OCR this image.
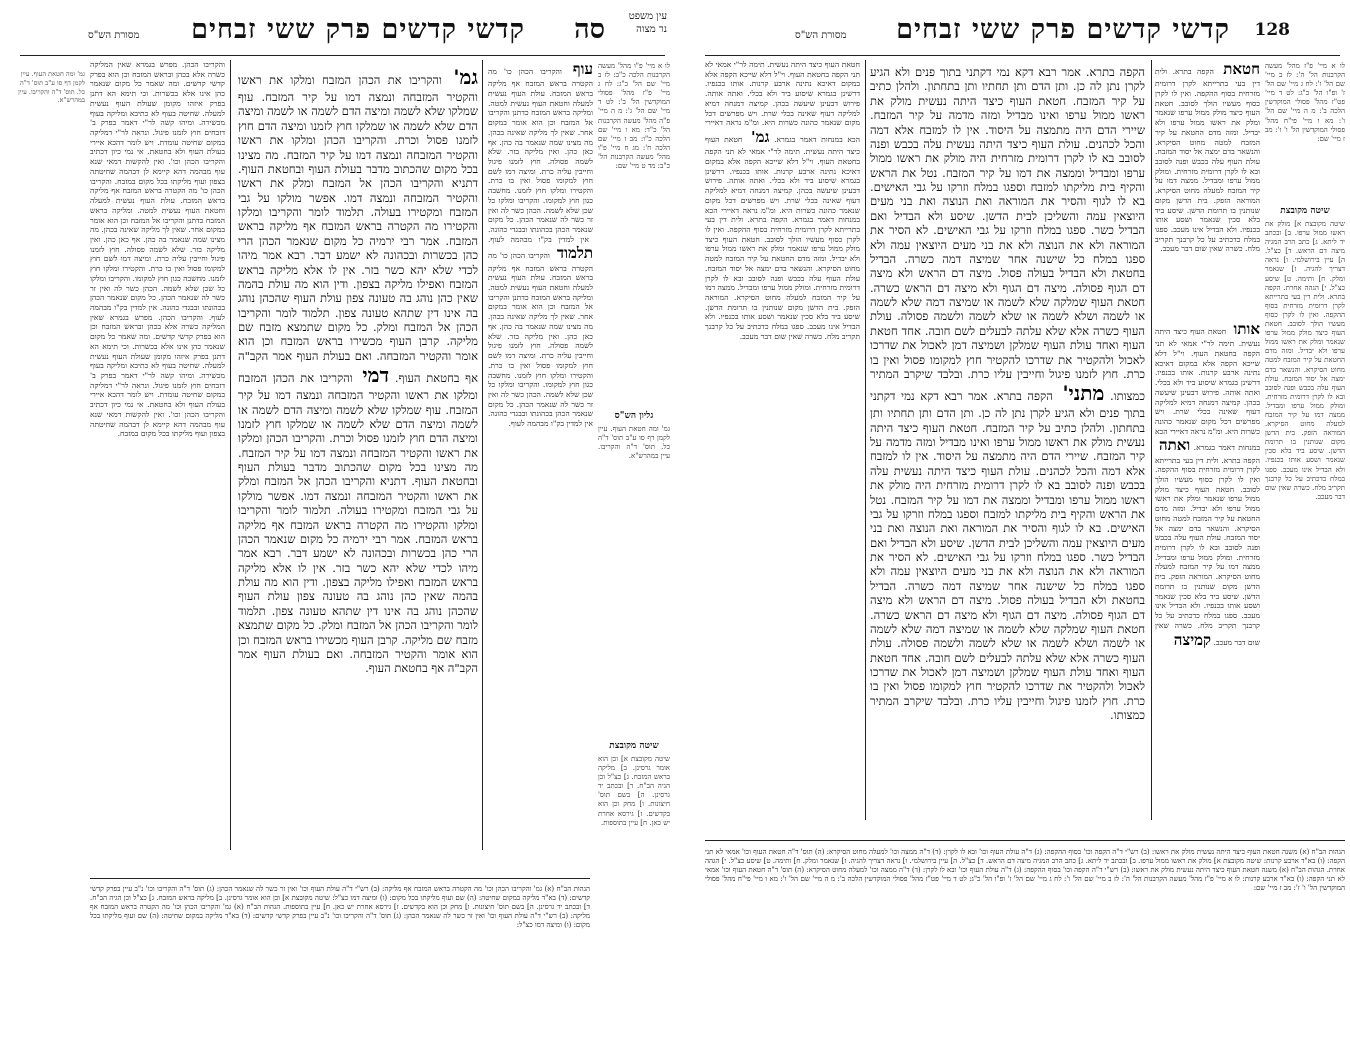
עין משפט
נר מצוה
סה
קדשי קדשים פרק ששי זבחים
מסורת הש"ס
גמ' ומה חטאת העוף. עיין לקמן דף סו ע"ב תוס' ד"ה כל. תוס' ד"ה והקריבו. עיין במהרש"א.
והקריבו הכהן. מפרש בגמרא שאין המליקה כשרה אלא בכהן ובראש המזבח וכן הוא בפרק קדשי קדשים. ומה שאמר כל מקום שנאמר כהן אינו אלא בכשרות. וכי תימא הא דתנן בפרק איזהו מקומן שעולת העוף נעשית למעלה. שחיטה בעוף לא כתיבא ומליקה בעוף מכשירה. ומיהו קשה לר"י דאמר בפרק ב' דזבחים חוץ לזמנו פיגול. ונראה לר"י דמליקה במקום שחיטה עומדת. ויש לומר דהכא איירי בעולת העוף ולא בחטאת. אי נמי כיון דכתיב והקריבו הכהן וכו'. ואין להקשות דמאי שנא עוף מבהמה דהא קיימא לן דבהמה שחיטתה בצפון ועוף מליקתו בכל מקום במזבח. והקריבו הכהן כו' מה הקטרה בראש המזבח אף מליקה בראש המזבח. עולת העוף נעשית למעלה וחטאת העוף נעשית למטה. ומליקה בראש המזבח כדתנן והקריבו אל המזבח וכן הוא אומר במקום אחר. שאין לך מליקה שאינה בכהן. מה מצינו שמה שנאמר בה כהן. אף כאן כהן. ואין מליקה בזר. שלא לשמה פסולה. חוץ לזמנו פיגול וחייבין עליה כרת. ומיצה דמו לשם חוץ למקומו פסול ואין בו כרת. והקטירו ומלקו חוץ לזמנו. מחשבה כגון חוץ למקומו. והקריבו ומלקו כל שכן שלא לשמה. הכהן כשר לה ואין זר כשר לה שנאמר הכהן. כל מקום שנאמר הכהן בכהונתו ובבגדי כהונה. אין למדין בק"ו מבהמה לעוף. והקריבו הכהן. מפרש בגמרא שאין המליקה כשרה אלא בכהן ובראש המזבח וכן הוא בפרק קדשי קדשים. ומה שאמר כל מקום שנאמר כהן אינו אלא בכשרות. וכי תימא הא דתנן בפרק איזהו מקומן שעולת העוף נעשית למעלה. שחיטה בעוף לא כתיבא ומליקה בעוף מכשירה. ומיהו קשה לר"י דאמר בפרק ב' דזבחים חוץ לזמנו פיגול. ונראה לר"י דמליקה במקום שחיטה עומדת. ויש לומר דהכא איירי בעולת העוף ולא בחטאת. אי נמי כיון דכתיב והקריבו הכהן וכו'. ואין להקשות דמאי שנא עוף מבהמה דהא קיימא לן דבהמה שחיטתה בצפון ועוף מליקתו בכל מקום במזבח.
גמ' והקריבו את הכהן המזבח ומלקו את ראשו והקטיר המזבחה ונמצה דמו על קיר המזבח. עוף שמלקו שלא לשמה ומיצה הדם לשמה או לשמה ומיצה הדם שלא לשמה או שמלקו חוץ לזמנו ומיצה הדם חוץ לזמנו פסול וכרת. והקריבו הכהן ומלקו את ראשו והקטיר המזבחה ונמצה דמו על קיר המזבח. מה מצינו בכל מקום שהכתוב מדבר בעולת העוף ובחטאת העוף. דתניא והקריבו הכהן אל המזבח ומלק את ראשו והקטיר המזבחה ונמצה דמו. אפשר מולקו על גבי המזבח ומקטירו בעולה. תלמוד לומר והקריבו ומלקו והקטירו מה הקטרה בראש המזבח אף מליקה בראש המזבח. אמר רבי ירמיה כל מקום שנאמר הכהן הרי כהן בכשרות ובכהונה לא ישמע דבר. רבא אמר מיהו לכדי שלא יהא כשר בזר. אין לו אלא מליקה בראש המזבח ואפילו מליקה בצפון. ודין הוא מה עולת בהמה שאין כהן נוהג בה טעונה צפון עולת העוף שהכהן נוהג בה אינו דין שתהא טעונה צפון. תלמוד לומר והקריבו הכהן אל המזבח ומלק. כל מקום שתמצא מזבח שם מליקה. קרבן העוף מכשירו בראש המזבח וכן הוא אומר והקטיר המזבחה. ואם בעולת העוף אמר הקב"ה אף בחטאת העוף. דמי והקריבו את הכהן המזבח ומלקו את ראשו והקטיר המזבחה ונמצה דמו על קיר המזבח. עוף שמלקו שלא לשמה ומיצה הדם לשמה או לשמה ומיצה הדם שלא לשמה או שמלקו חוץ לזמנו ומיצה הדם חוץ לזמנו פסול וכרת. והקריבו הכהן ומלקו את ראשו והקטיר המזבחה ונמצה דמו על קיר המזבח. מה מצינו בכל מקום שהכתוב מדבר בעולת העוף ובחטאת העוף. דתניא והקריבו הכהן אל המזבח ומלק את ראשו והקטיר המזבחה ונמצה דמו. אפשר מולקו על גבי המזבח ומקטירו בעולה. תלמוד לומר והקריבו ומלקו והקטירו מה הקטרה בראש המזבח אף מליקה בראש המזבח. אמר רבי ירמיה כל מקום שנאמר הכהן הרי כהן בכשרות ובכהונה לא ישמע דבר. רבא אמר מיהו לכדי שלא יהא כשר בזר. אין לו אלא מליקה בראש המזבח ואפילו מליקה בצפון. ודין הוא מה עולת בהמה שאין כהן נוהג בה טעונה צפון עולת העוף שהכהן נוהג בה אינו דין שתהא טעונה צפון. תלמוד לומר והקריבו הכהן אל המזבח ומלק. כל מקום שתמצא מזבח שם מליקה. קרבן העוף מכשירו בראש המזבח וכן הוא אומר והקטיר המזבחה. ואם בעולת העוף אמר הקב"ה אף בחטאת העוף.
עוף והקריבו הכהן כו' מה הקטרה בראש המזבח אף מליקה בראש המזבח. עולת העוף נעשית למעלה וחטאת העוף נעשית למטה. ומליקה בראש המזבח כדתנן והקריבו אל המזבח וכן הוא אומר במקום אחר. שאין לך מליקה שאינה בכהן. מה מצינו שמה שנאמר בה כהן. אף כאן כהן. ואין מליקה בזר. שלא לשמה פסולה. חוץ לזמנו פיגול וחייבין עליה כרת. ומיצה דמו לשם חוץ למקומו פסול ואין בו כרת. והקטירו ומלקו חוץ לזמנו. מחשבה כגון חוץ למקומו. והקריבו ומלקו כל שכן שלא לשמה. הכהן כשר לה ואין זר כשר לה שנאמר הכהן. כל מקום שנאמר הכהן בכהונתו ובבגדי כהונה. אין למדין בק"ו מבהמה לעוף. תלמוד והקריבו הכהן כו' מה הקטרה בראש המזבח אף מליקה בראש המזבח. עולת העוף נעשית למעלה וחטאת העוף נעשית למטה. ומליקה בראש המזבח כדתנן והקריבו אל המזבח וכן הוא אומר במקום אחר. שאין לך מליקה שאינה בכהן. מה מצינו שמה שנאמר בה כהן. אף כאן כהן. ואין מליקה בזר. שלא לשמה פסולה. חוץ לזמנו פיגול וחייבין עליה כרת. ומיצה דמו לשם חוץ למקומו פסול ואין בו כרת. והקטירו ומלקו חוץ לזמנו. מחשבה כגון חוץ למקומו. והקריבו ומלקו כל שכן שלא לשמה. הכהן כשר לה ואין זר כשר לה שנאמר הכהן. כל מקום שנאמר הכהן בכהונתו ובבגדי כהונה. אין למדין בק"ו מבהמה לעוף.
לו א מיי' פ"ו מהל' מעשה הקרבנות הלכה כ"ב: לז ב מיי' שם הל' כ"ג: לח ג מיי' פ"ז מהל' פסולי המוקדשין הל' ב': לט ד מיי' שם הל' ג': מ ה מיי' פ"ה מהל' מעשה הקרבנות הל' כ"ד: מא ו מיי' שם הלכה כ"ו: מב ז מיי' שם הלכה ח': מג ח מיי' פ"ו מהל' מעשה הקרבנות הל' כ"ב: מד ט מיי' שם:
גליון הש"ס
גמ' ומה חטאת העוף. עיין לקמן דף סו ע"ב תוס' ד"ה כל. תוס' ד"ה והקריבו. עיין במהרש"א.
שיטה מקובצת
שיטה מקובצת א] וכן הוא אומר גרסינן. ב] מליקה בראש המזבח. ג] כצ"ל וכן הגיה הב"ח. ד] ובכתב יד גרסינן. ה] בשם תוס' חיצונות. ו] מחק וכן הוא בקדשים. ז] גירסא אחרת יש כאן. ח] עיין בתוספות.
הגהות הב"ח (א) גמ' והקריבו הכהן וכו' מה הקטרה בראש המזבח אף מליקה: (ב) רש"י ד"ה עולת העוף וכו' ואין זר כשר לה שנאמר הכהן: (ג) תוס' ד"ה והקריבו וכו' נ"ב עיין בפרק קדשי קדשים: (ד) בא"ד מליקה במקום שחיטה: (ה) שם ועוף מליקתו בכל מקום: (ו) ומיצה דמו כצ"ל: שיטה מקובצת א] וכן הוא אומר גרסינן. ב] מליקה בראש המזבח. ג] כצ"ל וכן הגיה הב"ח. ד] ובכתב יד גרסינן. ה] בשם תוס' חיצונות. ו] מחק וכן הוא בקדשים. ז] גירסא אחרת יש כאן. ח] עיין בתוספות. הגהות הב"ח (א) גמ' והקריבו הכהן וכו' מה הקטרה בראש המזבח אף מליקה: (ב) רש"י ד"ה עולת העוף וכו' ואין זר כשר לה שנאמר הכהן: (ג) תוס' ד"ה והקריבו וכו' נ"ב עיין בפרק קדשי קדשים: (ד) בא"ד מליקה במקום שחיטה: (ה) שם ועוף מליקתו בכל מקום: (ו) ומיצה דמו כצ"ל:
128
קדשי קדשים פרק ששי זבחים
מסורת הש"ס
לו א מיי' פ"ז מהל' מעשה הקרבנות הל' ה': לז ב מיי' שם הל' ו': לח ג מיי' שם הל' ז' ופ"ו הל' כ"ג: לט ד מיי' פט"ז מהל' פסולי המוקדשין הלכה ב': מ ה מיי' שם הל' ו': מא ו מיי' פי"ח מהל' פסולי המוקדשין הל' ו' ז': מב ז מיי' שם:
שיטה מקובצת
שיטה מקובצת א] מולק את ראשו ממול ערפו. ב] ובכתב יד ליתא. ג] כתב הרב המגיה מיצה דם הראש. ד] כצ"ל. ה] עיין בירושלמי. ו] נראה דצריך להגיה. ז] שנאמר ומלק. ח] ותימה. ט] שיסע כצ"ל. י] הגהה אחרת. הקפה בתרא. ולית דין בעי בתרייתא לקרן דרומית מזרחית בסוף ההקפה. ואין לו לקרן כסוף מעשיו הולך לסובב. חטאת העוף כיצד מולק ממול ערפו שנאמר ומלק את ראשו ממול ערפו ולא יבדיל. ומזה מדם החטאת על קיר המזבח למטה מחוט הסיקרא. והנשאר בדם ימצה אל יסוד המזבח. עולת העוף עלה בכבש ופנה לסובב ובא לו לקרן דרומית מזרחית. ומולק ממול ערפו ומבדיל. ממצה דמו על קיר המזבח למעלה מחוט הסיקרא. המוראה הזפק. בית הדשן מקום שנותנין בו תרומת הדשן. שיסע ביד בלא סכין שנאמר ושסע אותו בכנפיו. ולא הבדיל אינו מעכב. ספגו במלח כדכתיב על כל קרבנך תקריב מלח. כשרה שאין שום דבר מעכב.
חטאת הקפה בתרא. ולית דין בעי בתרייתא לקרן דרומית מזרחית בסוף ההקפה. ואין לו לקרן כסוף מעשיו הולך לסובב. חטאת העוף כיצד מולק ממול ערפו שנאמר ומלק את ראשו ממול ערפו ולא יבדיל. ומזה מדם החטאת על קיר המזבח למטה מחוט הסיקרא. והנשאר בדם ימצה אל יסוד המזבח. עולת העוף עלה בכבש ופנה לסובב ובא לו לקרן דרומית מזרחית. ומולק ממול ערפו ומבדיל. ממצה דמו על קיר המזבח למעלה מחוט הסיקרא. המוראה הזפק. בית הדשן מקום שנותנין בו תרומת הדשן. שיסע ביד בלא סכין שנאמר ושסע אותו בכנפיו. ולא הבדיל אינו מעכב. ספגו במלח כדכתיב על כל קרבנך תקריב מלח. כשרה שאין שום דבר מעכב.
הקפה בתרא. אמר רבא דקא נמי דקתני בתוך פנים ולא הגיע לקרן נתן לה כן. ותן הדם ותן תחתיו ותן בתחתון. ולהלן כתיב על קיר המזבח. חטאת העוף כיצד היתה נעשית מולק את ראשו ממול ערפו ואינו מבדיל ומזה מדמה על קיר המזבח. שיירי הדם היה מתמצה על היסוד. אין לו למזבח אלא דמה והכל לכהנים. עולת העוף כיצד היתה נעשית עלה בכבש ופנה לסובב בא לו לקרן דרומית מזרחית היה מולק את ראשו ממול ערפו ומבדיל וממצה את דמו על קיר המזבח. נטל את הראש והקיף בית מליקתו למזבח וספגו במלח וזרקו על גבי האישים. בא לו לגוף והסיר את המוראה ואת הנוצה ואת בני מעים היוצאין עמה והשליכן לבית הדשן. שיסע ולא הבדיל ואם הבדיל כשר. ספגו במלח וזרקו על גבי האישים. לא הסיר את המוראה ולא את הנוצה ולא את בני מעים היוצאין עמה ולא ספגו במלח כל שישנה אחר שמיצה דמה כשרה. הבדיל בחטאת ולא הבדיל בעולה פסול. מיצה דם הראש ולא מיצה דם הגוף פסולה. מיצה דם הגוף ולא מיצה דם הראש כשרה. חטאת העוף שמלקה שלא לשמה או שמיצה דמה שלא לשמה או לשמה ושלא לשמה או שלא לשמה ולשמה פסולה. עולת העוף כשרה אלא שלא עלתה לבעלים לשם חובה. אחד חטאת העוף ואחד עולת העוף שמלקן ושמיצה דמן לאכול את שדרכו לאכול ולהקטיר את שדרכו להקטיר חוץ למקומו פסול ואין בו כרת. חוץ לזמנו פיגול וחייבין עליו כרת. ובלבד שיקרב המתיר כמצותו. מתני' הקפה בתרא. אמר רבא דקא נמי דקתני בתוך פנים ולא הגיע לקרן נתן לה כן. ותן הדם ותן תחתיו ותן בתחתון. ולהלן כתיב על קיר המזבח. חטאת העוף כיצד היתה נעשית מולק את ראשו ממול ערפו ואינו מבדיל ומזה מדמה על קיר המזבח. שיירי הדם היה מתמצה על היסוד. אין לו למזבח אלא דמה והכל לכהנים. עולת העוף כיצד היתה נעשית עלה בכבש ופנה לסובב בא לו לקרן דרומית מזרחית היה מולק את ראשו ממול ערפו ומבדיל וממצה את דמו על קיר המזבח. נטל את הראש והקיף בית מליקתו למזבח וספגו במלח וזרקו על גבי האישים. בא לו לגוף והסיר את המוראה ואת הנוצה ואת בני מעים היוצאין עמה והשליכן לבית הדשן. שיסע ולא הבדיל ואם הבדיל כשר. ספגו במלח וזרקו על גבי האישים. לא הסיר את המוראה ולא את הנוצה ולא את בני מעים היוצאין עמה ולא ספגו במלח כל שישנה אחר שמיצה דמה כשרה. הבדיל בחטאת ולא הבדיל בעולה פסול. מיצה דם הראש ולא מיצה דם הגוף פסולה. מיצה דם הגוף ולא מיצה דם הראש כשרה. חטאת העוף שמלקה שלא לשמה או שמיצה דמה שלא לשמה או לשמה ושלא לשמה או שלא לשמה ולשמה פסולה. עולת העוף כשרה אלא שלא עלתה לבעלים לשם חובה. אחד חטאת העוף ואחד עולת העוף שמלקן ושמיצה דמן לאכול את שדרכו לאכול ולהקטיר את שדרכו להקטיר חוץ למקומו פסול ואין בו כרת. חוץ לזמנו פיגול וחייבין עליו כרת. ובלבד שיקרב המתיר כמצותו.
חטאת העוף כיצד היתה נעשית. תימה לר"י אמאי לא תני הקפה בחטאת העוף. וי"ל דלא שייכא הקפה אלא במקום דאיכא נתינה ארבע קרנות. אותו בכנפיו. דרשינן בגמרא שיסוע ביד ולא בכלי. ואתה אותה. פירוש דבעינן שיעשה בכהן. קמיצה דמנחה דמיא למליקה דעוף שאינה בכלי שרת. ויש מפרשים דכל מקום שנאמר כהונה כשרות היא. ומ"מ נראה דאיירי הכא במנחות דאמר בגמרא. גמ' חטאת העוף כיצד היתה נעשית. תימה לר"י אמאי לא תני הקפה בחטאת העוף. וי"ל דלא שייכא הקפה אלא במקום דאיכא נתינה ארבע קרנות. אותו בכנפיו. דרשינן בגמרא שיסוע ביד ולא בכלי. ואתה אותה. פירוש דבעינן שיעשה בכהן. קמיצה דמנחה דמיא למליקה דעוף שאינה בכלי שרת. ויש מפרשים דכל מקום שנאמר כהונה כשרות היא. ומ"מ נראה דאיירי הכא במנחות דאמר בגמרא. הקפה בתרא. ולית דין בעי בתרייתא לקרן דרומית מזרחית בסוף ההקפה. ואין לו לקרן כסוף מעשיו הולך לסובב. חטאת העוף כיצד מולק ממול ערפו שנאמר ומלק את ראשו ממול ערפו ולא יבדיל. ומזה מדם החטאת על קיר המזבח למטה מחוט הסיקרא. והנשאר בדם ימצה אל יסוד המזבח. עולת העוף עלה בכבש ופנה לסובב ובא לו לקרן דרומית מזרחית. ומולק ממול ערפו ומבדיל. ממצה דמו על קיר המזבח למעלה מחוט הסיקרא. המוראה הזפק. בית הדשן מקום שנותנין בו תרומת הדשן. שיסע ביד בלא סכין שנאמר ושסע אותו בכנפיו. ולא הבדיל אינו מעכב. ספגו במלח כדכתיב על כל קרבנך תקריב מלח. כשרה שאין שום דבר מעכב.	אותו חטאת העוף כיצד היתה נעשית. תימה לר"י אמאי לא תני הקפה בחטאת העוף. וי"ל דלא שייכא הקפה אלא במקום דאיכא נתינה ארבע קרנות. אותו בכנפיו. דרשינן בגמרא שיסוע ביד ולא בכלי. ואתה אותה. פירוש דבעינן שיעשה בכהן. קמיצה דמנחה דמיא למליקה דעוף שאינה בכלי שרת. ויש מפרשים דכל מקום שנאמר כהונה כשרות היא. ומ"מ נראה דאיירי הכא במנחות דאמר בגמרא. ואתה הקפה בתרא. ולית דין בעי בתרייתא לקרן דרומית מזרחית בסוף ההקפה. ואין לו לקרן כסוף מעשיו הולך לסובב. חטאת העוף כיצד מולק ממול ערפו שנאמר ומלק את ראשו ממול ערפו ולא יבדיל. ומזה מדם החטאת על קיר המזבח למטה מחוט הסיקרא. והנשאר בדם ימצה אל יסוד המזבח. עולת העוף עלה בכבש ופנה לסובב ובא לו לקרן דרומית מזרחית. ומולק ממול ערפו ומבדיל. ממצה דמו על קיר המזבח למעלה מחוט הסיקרא. המוראה הזפק. בית הדשן מקום שנותנין בו תרומת הדשן. שיסע ביד בלא סכין שנאמר ושסע אותו בכנפיו. ולא הבדיל אינו מעכב. ספגו במלח כדכתיב על כל קרבנך תקריב מלח. כשרה שאין שום דבר מעכב. קמיצה
הגהות הב"ח (א) משנה חטאת העוף כיצד היתה נעשית מולק את ראשו: (ב) רש"י ד"ה הקפה וכו' בסוף ההקפה: (ג) ד"ה עולת העוף וכו' ובא לו לקרן: (ד) ד"ה ממצה וכו' למעלה מחוט הסיקרא: (ה) תוס' ד"ה חטאת העוף וכו' אמאי לא תני הקפה: (ו) בא"ד ארבע קרנות: שיטה מקובצת א] מולק את ראשו ממול ערפו. ב] ובכתב יד ליתא. ג] כתב הרב המגיה מיצה דם הראש. ד] כצ"ל. ה] עיין בירושלמי. ו] נראה דצריך להגיה. ז] שנאמר ומלק. ח] ותימה. ט] שיסע כצ"ל. י] הגהה אחרת. הגהות הב"ח (א) משנה חטאת העוף כיצד היתה נעשית מולק את ראשו: (ב) רש"י ד"ה הקפה וכו' בסוף ההקפה: (ג) ד"ה עולת העוף וכו' ובא לו לקרן: (ד) ד"ה ממצה וכו' למעלה מחוט הסיקרא: (ה) תוס' ד"ה חטאת העוף וכו' אמאי לא תני הקפה: (ו) בא"ד ארבע קרנות: לו א מיי' פ"ז מהל' מעשה הקרבנות הל' ה': לז ב מיי' שם הל' ו': לח ג מיי' שם הל' ז' ופ"ו הל' כ"ג: לט ד מיי' פט"ז מהל' פסולי המוקדשין הלכה ב': מ ה מיי' שם הל' ו': מא ו מיי' פי"ח מהל' פסולי המוקדשין הל' ו' ז': מב ז מיי' שם:
